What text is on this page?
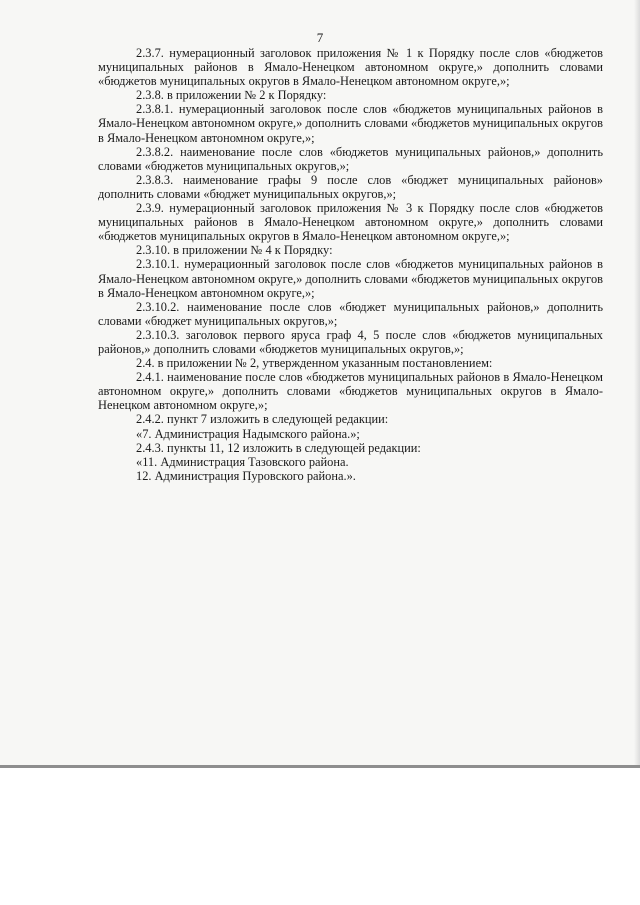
7

2.3.7. нумерационный заголовок приложения № 1 к Порядку после слов «бюджетов муниципальных районов в Ямало-Ненецком автономном округе,» дополнить словами «бюджетов муниципальных округов в Ямало-Ненецком автономном округе,»;

2.3.8. в приложении № 2 к Порядку:

2.3.8.1. нумерационный заголовок после слов «бюджетов муниципальных районов в Ямало-Ненецком автономном округе,» дополнить словами «бюджетов муниципальных округов в Ямало-Ненецком автономном округе,»;

2.3.8.2. наименование после слов «бюджетов муниципальных районов,» дополнить словами «бюджетов муниципальных округов,»;

2.3.8.3. наименование графы 9 после слов «бюджет муниципальных районов» дополнить словами «бюджет муниципальных округов,»;

2.3.9. нумерационный заголовок приложения № 3 к Порядку после слов «бюджетов муниципальных районов в Ямало-Ненецком автономном округе,» дополнить словами «бюджетов муниципальных округов в Ямало-Ненецком автономном округе,»;

2.3.10. в приложении № 4 к Порядку:

2.3.10.1. нумерационный заголовок после слов «бюджетов муниципальных районов в Ямало-Ненецком автономном округе,» дополнить словами «бюджетов муниципальных округов в Ямало-Ненецком автономном округе,»;

2.3.10.2. наименование после слов «бюджет муниципальных районов,» дополнить словами «бюджет муниципальных округов,»;

2.3.10.3. заголовок первого яруса граф 4, 5 после слов «бюджетов муниципальных районов,» дополнить словами «бюджетов муниципальных округов,»;

2.4. в приложении № 2, утвержденном указанным постановлением:

2.4.1. наименование после слов «бюджетов муниципальных районов в Ямало-Ненецком автономном округе,» дополнить словами «бюджетов муниципальных округов в Ямало-Ненецком автономном округе,»;

2.4.2. пункт 7 изложить в следующей редакции:

«7. Администрация Надымского района.»;

2.4.3. пункты 11, 12 изложить в следующей редакции:

«11. Администрация Тазовского района.

12. Администрация Пуровского района.».
